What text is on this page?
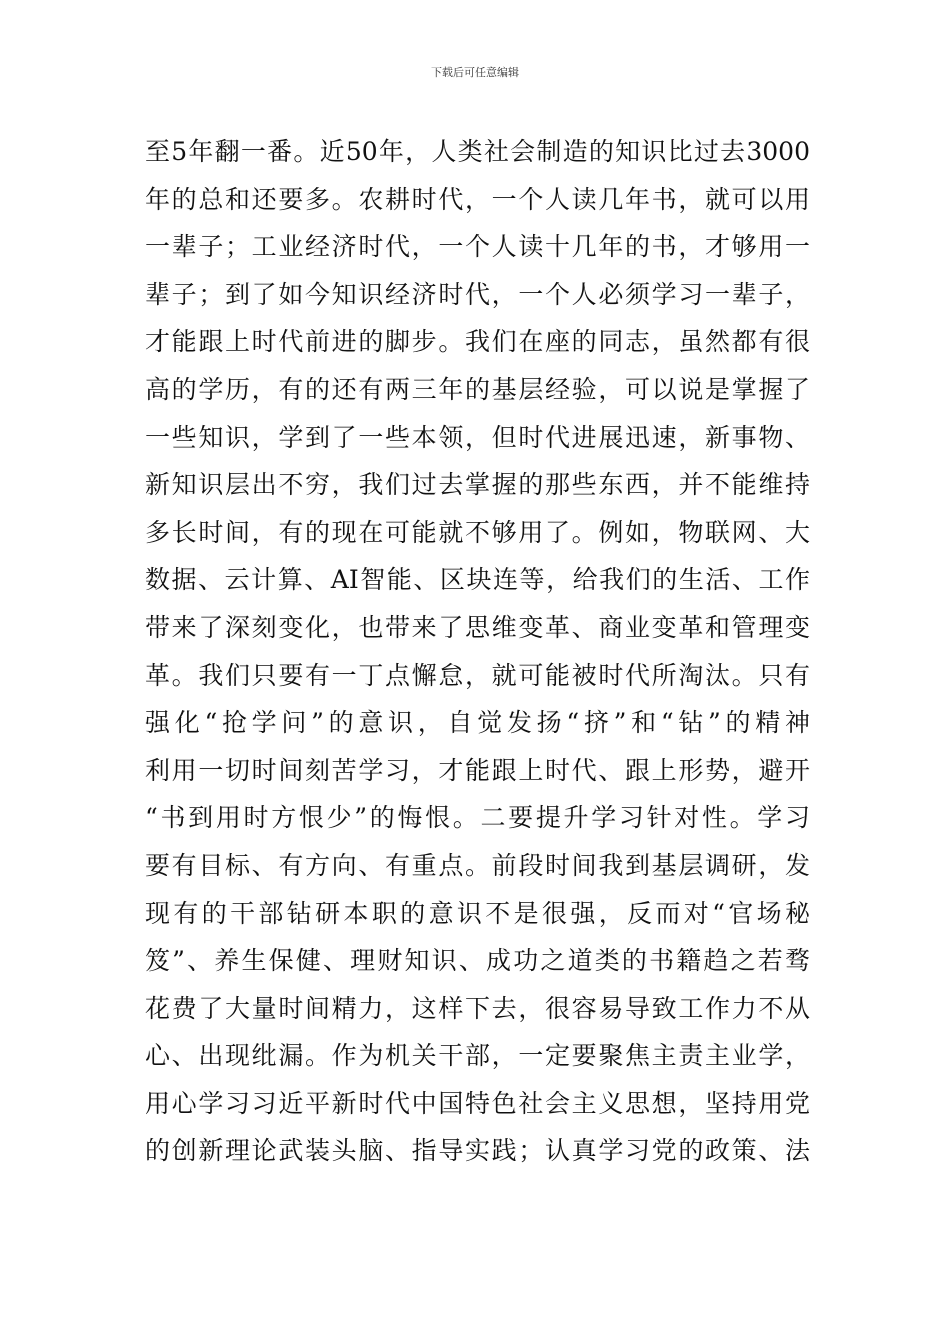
下载后可任意编辑
至5年翻一番。近50年，人类社会制造的知识比过去3000
年的总和还要多。农耕时代，一个人读几年书，就可以用
一辈子；工业经济时代，一个人读十几年的书，才够用一
辈子；到了如今知识经济时代，一个人必须学习一辈子，
才能跟上时代前进的脚步。我们在座的同志，虽然都有很
高的学历，有的还有两三年的基层经验，可以说是掌握了
一些知识，学到了一些本领，但时代进展迅速，新事物、
新知识层出不穷，我们过去掌握的那些东西，并不能维持
多长时间，有的现在可能就不够用了。例如，物联网、大
数据、云计算、AI智能、区块连等，给我们的生活、工作
带来了深刻变化，也带来了思维变革、商业变革和管理变
革。我们只要有一丁点懈怠，就可能被时代所淘汰。只有
强化“抢学问”的意识，自觉发扬“挤”和“钻”的精神
利用一切时间刻苦学习，才能跟上时代、跟上形势，避开
“书到用时方恨少”的悔恨。二要提升学习针对性。学习
要有目标、有方向、有重点。前段时间我到基层调研，发
现有的干部钻研本职的意识不是很强，反而对“官场秘
笈”、养生保健、理财知识、成功之道类的书籍趋之若骛
花费了大量时间精力，这样下去，很容易导致工作力不从
心、出现纰漏。作为机关干部，一定要聚焦主责主业学，
用心学习习近平新时代中国特色社会主义思想，坚持用党
的创新理论武装头脑、指导实践；认真学习党的政策、法
